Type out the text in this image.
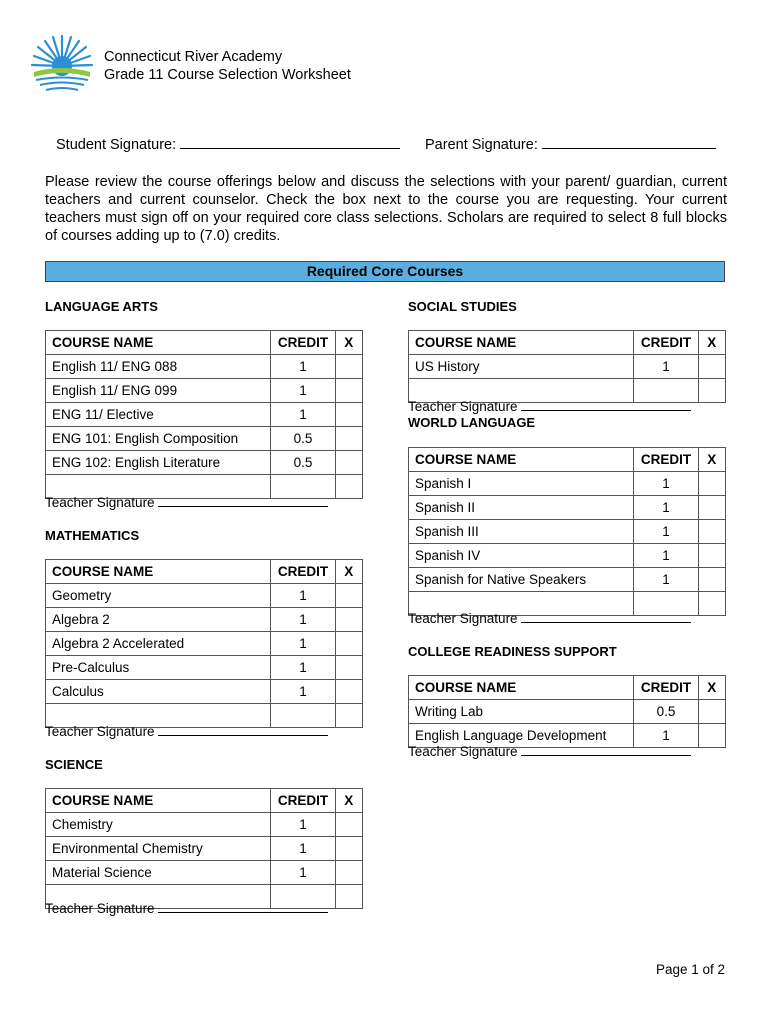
Connecticut River Academy
Grade 11 Course Selection Worksheet
Student Signature:	Parent Signature:
Please review the course offerings below and discuss the selections with your parent/ guardian, current teachers and current counselor. Check the box next to the course you are requesting. Your current teachers must sign off on your required core class selections. Scholars are required to select 8 full blocks of courses adding up to (7.0) credits.
Required Core Courses
LANGUAGE ARTS
COURSE NAME	CREDIT	X
English 11/ ENG 088	1	
English 11/ ENG 099	1	
ENG 11/ Elective	1	
ENG 101: English Composition	0.5	
ENG 102: English Literature	0.5	

Teacher Signature
MATHEMATICS
COURSE NAME	CREDIT	X
Geometry	1	
Algebra 2	1	
Algebra 2 Accelerated	1	
Pre-Calculus	1	
Calculus	1	

Teacher Signature
SCIENCE
COURSE NAME	CREDIT	X
Chemistry	1	
Environmental Chemistry	1	
Material Science	1	

Teacher Signature
SOCIAL STUDIES
COURSE NAME	CREDIT	X
US History	1	

Teacher Signature
WORLD LANGUAGE
COURSE NAME	CREDIT	X
Spanish I	1	
Spanish II	1	
Spanish III	1	
Spanish IV	1	
Spanish for Native Speakers	1	

Teacher Signature
COLLEGE READINESS SUPPORT
COURSE NAME	CREDIT	X
Writing Lab	0.5	
English Language Development	1	
Teacher Signature
Page 1 of 2
